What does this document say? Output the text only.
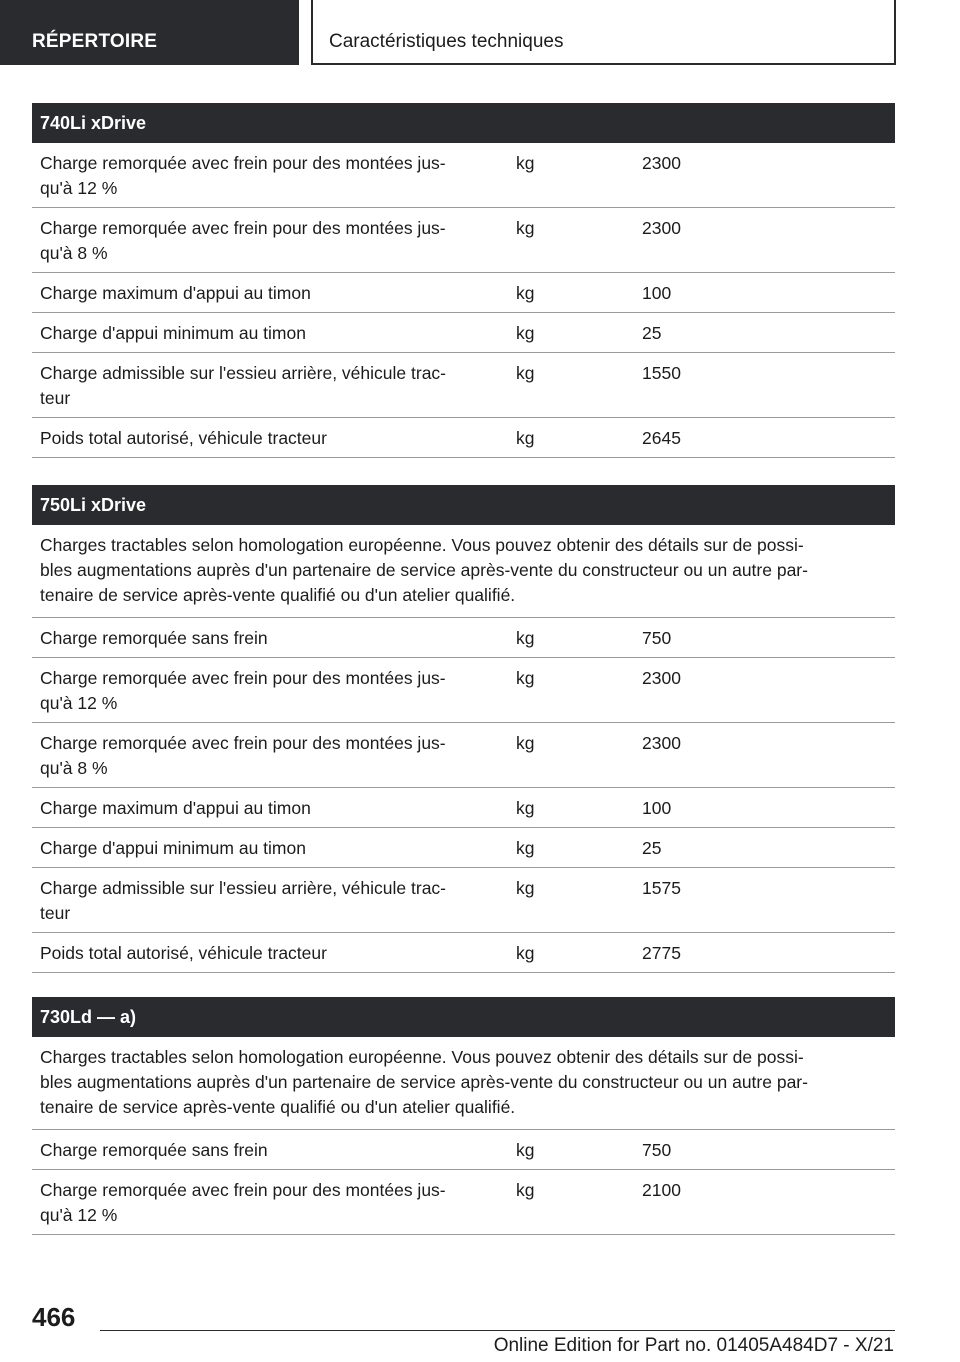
RÉPERTOIRE	Caractéristiques techniques
740Li xDrive
Charge remorquée avec frein pour des montées jus‐
qu'à 12 %
kg	2300
Charge remorquée avec frein pour des montées jus‐
qu'à 8 %
kg	2300
Charge maximum d'appui au timon	kg	100
Charge d'appui minimum au timon	kg	25
Charge admissible sur l'essieu arrière, véhicule trac‐
teur
kg	1550
Poids total autorisé, véhicule tracteur	kg	2645
750Li xDrive
Charges tractables selon homologation européenne. Vous pouvez obtenir des détails sur de possi‐
bles augmentations auprès d'un partenaire de service après-vente du constructeur ou un autre par‐
tenaire de service après-vente qualifié ou d'un atelier qualifié.
Charge remorquée sans frein	kg	750
Charge remorquée avec frein pour des montées jus‐
qu'à 12 %
kg	2300
Charge remorquée avec frein pour des montées jus‐
qu'à 8 %
kg	2300
Charge maximum d'appui au timon	kg	100
Charge d'appui minimum au timon	kg	25
Charge admissible sur l'essieu arrière, véhicule trac‐
teur
kg	1575
Poids total autorisé, véhicule tracteur	kg	2775
730Ld — a)
Charges tractables selon homologation européenne. Vous pouvez obtenir des détails sur de possi‐
bles augmentations auprès d'un partenaire de service après-vente du constructeur ou un autre par‐
tenaire de service après-vente qualifié ou d'un atelier qualifié.
Charge remorquée sans frein	kg	750
Charge remorquée avec frein pour des montées jus‐
qu'à 12 %
kg	2100
466
Online Edition for Part no. 01405A484D7 - X/21
